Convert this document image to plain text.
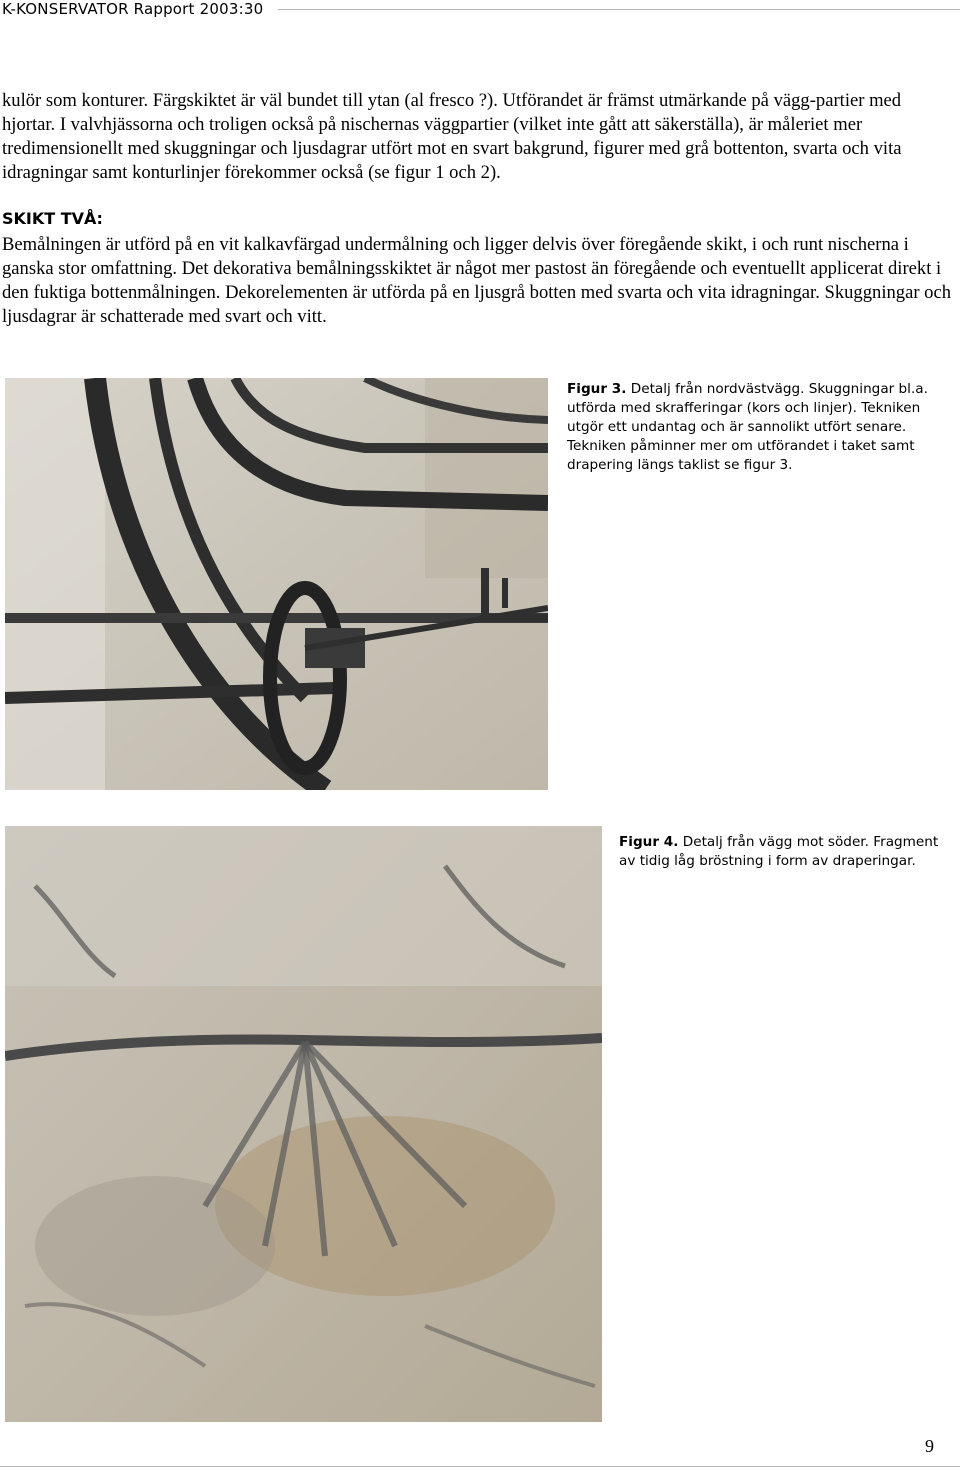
K-KONSERVATOR Rapport 2003:30

kulör som konturer. Färgskiktet är väl bundet till ytan (al fresco ?). Utförandet är främst utmärkande på vägg-partier med hjortar. I valvhjässorna och troligen också på nischernas väggpartier (vilket inte gått att säkerställa), är måleriet mer tredimensionellt med skuggningar och ljusdagrar utfört mot en svart bakgrund, figurer med grå bottenton, svarta och vita idragningar samt konturlinjer förekommer också (se figur 1 och 2).

SKIKT TVÅ:

Bemålningen är utförd på en vit kalkavfärgad undermålning och ligger delvis över föregående skikt, i och runt nischerna i ganska stor omfattning. Det dekorativa bemålningsskiktet är något mer pastost än föregående och eventuellt applicerat direkt i den fuktiga bottenmålningen. Dekorelementen är utförda på en ljusgrå botten med svarta och vita idragningar. Skuggningar och ljusdagrar är schatterade med svart och vitt.

Figur 3. Detalj från nordvästvägg. Skuggningar bl.a. utförda med skrafferingar (kors och linjer). Tekniken utgör ett undantag och är sannolikt utfört senare. Tekniken påminner mer om utförandet i taket samt drapering längs taklist se figur 3.

Figur 4. Detalj från vägg mot söder. Fragment av tidig låg bröstning i form av draperingar.

9
